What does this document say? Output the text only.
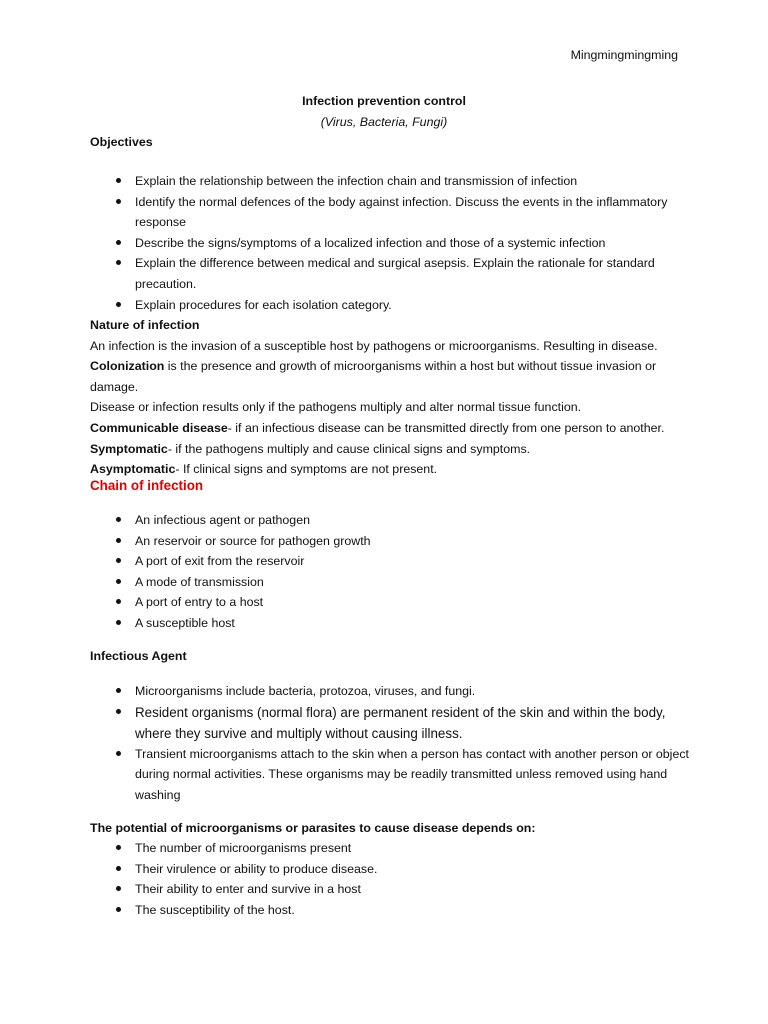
Mingmingmingming
Infection prevention control
(Virus, Bacteria, Fungi)
Objectives
Explain the relationship between the infection chain and transmission of infection
Identify the normal defences of the body against infection. Discuss the events in the inflammatory response
Describe the signs/symptoms of a localized infection and those of a systemic infection
Explain the difference between medical and surgical asepsis. Explain the rationale for standard precaution.
Explain procedures for each isolation category.
Nature of infection

An infection is the invasion of a susceptible host by pathogens or microorganisms. Resulting in disease.

Colonization is the presence and growth of microorganisms within a host but without tissue invasion or damage.

Disease or infection results only if the pathogens multiply and alter normal tissue function.

Communicable disease- if an infectious disease can be transmitted directly from one person to another.

Symptomatic- if the pathogens multiply and cause clinical signs and symptoms.

Asymptomatic- If clinical signs and symptoms are not present.

Chain of infection
An infectious agent or pathogen
An reservoir or source for pathogen growth
A port of exit from the reservoir
A mode of transmission
A port of entry to a host
A susceptible host
Infectious Agent
Microorganisms include bacteria, protozoa, viruses, and fungi.
Resident organisms (normal flora) are permanent resident of the skin and within the body, where they survive and multiply without causing illness.
Transient microorganisms attach to the skin when a person has contact with another person or object during normal activities. These organisms may be readily transmitted unless removed using hand washing
The potential of microorganisms or parasites to cause disease depends on:
The number of microorganisms present
Their virulence or ability to produce disease.
Their ability to enter and survive in a host
The susceptibility of the host.
